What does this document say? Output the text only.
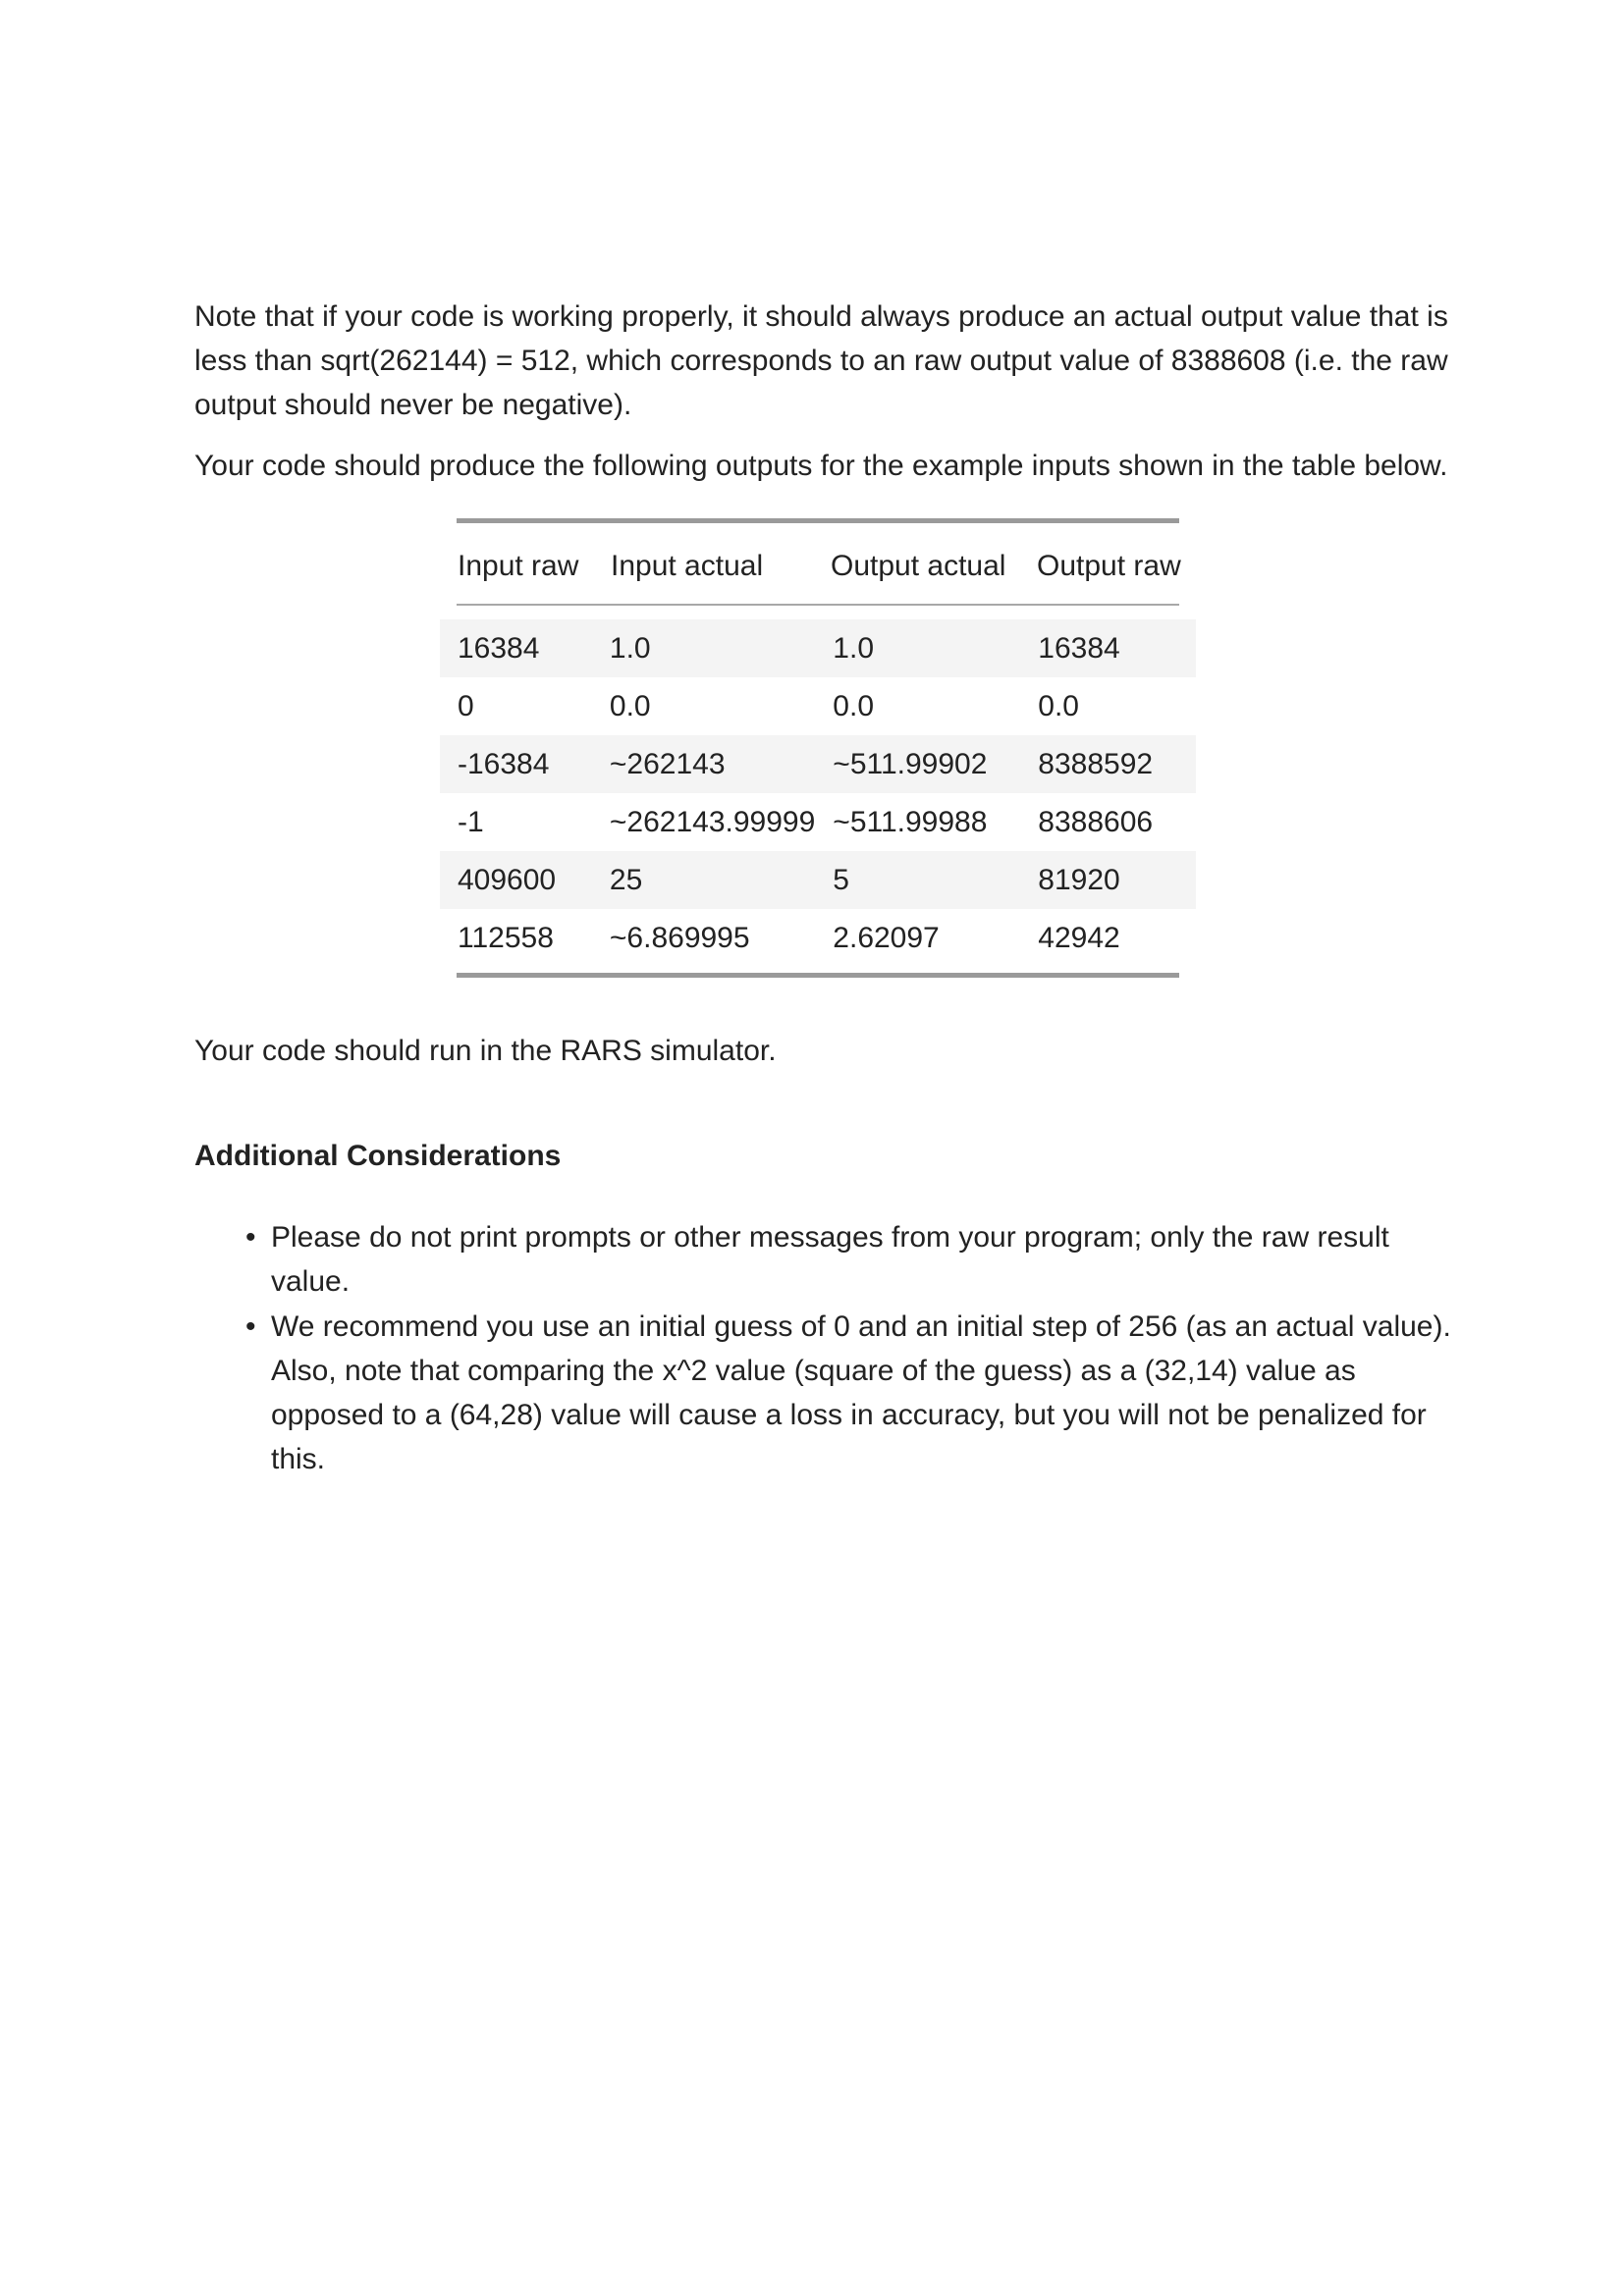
Note that if your code is working properly, it should always produce an actual output value that is less than sqrt(262144) = 512, which corresponds to an raw output value of 8388608 (i.e. the raw output should never be negative).

Your code should produce the following outputs for the example inputs shown in the table below.

Input raw	Input actual	Output actual	Output raw
16384	1.0	1.0	16384
0	0.0	0.0	0.0
-16384	~262143	~511.99902	8388592
-1	~262143.99999	~511.99988	8388606
409600	25	5	81920
112558	~6.869995	2.62097	42942

Your code should run in the RARS simulator.

Additional Considerations
• Please do not print prompts or other messages from your program; only the raw result value.
• We recommend you use an initial guess of 0 and an initial step of 256 (as an actual value). Also, note that comparing the x^2 value (square of the guess) as a (32,14) value as opposed to a (64,28) value will cause a loss in accuracy, but you will not be penalized for this.
